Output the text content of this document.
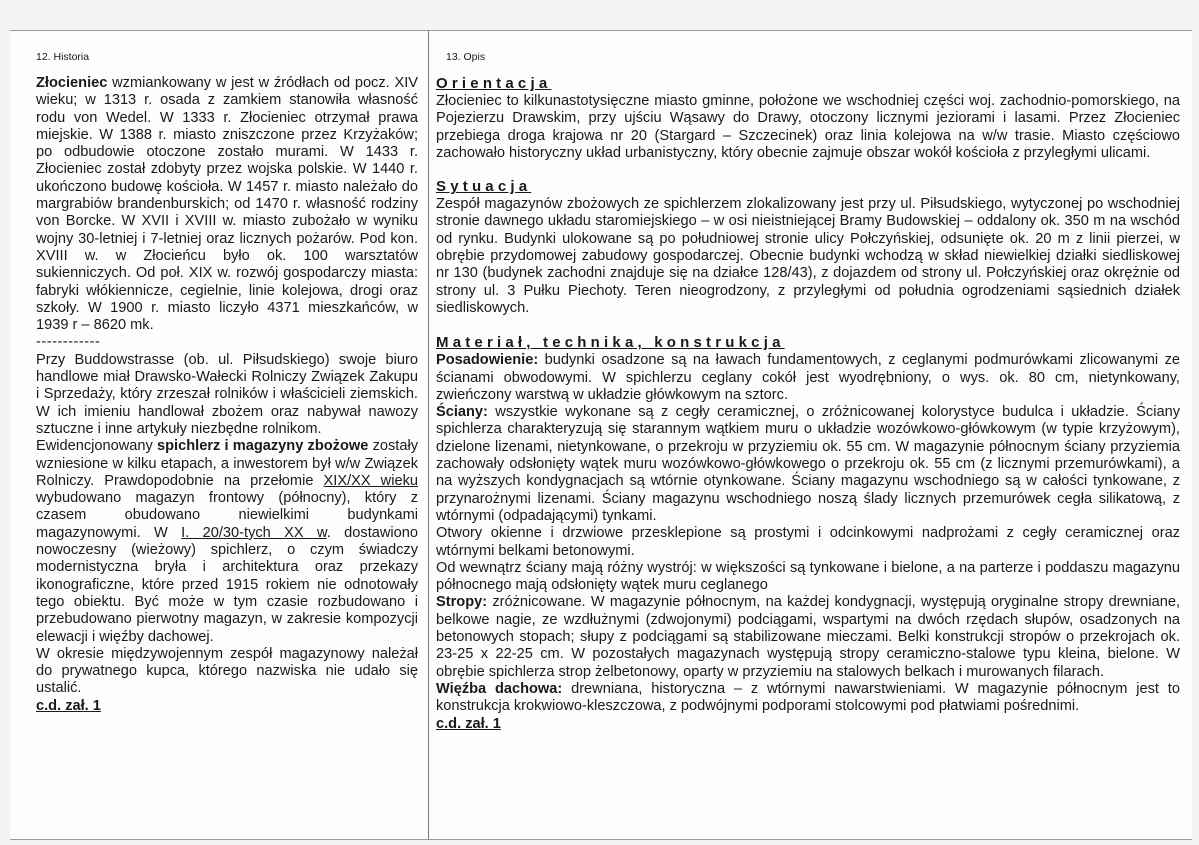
12. Historia

Złocieniec wzmiankowany w jest w źródłach od pocz. XIV wieku; w 1313 r. osada z zamkiem stanowiła własność rodu von Wedel. W 1333 r. Złocieniec otrzymał prawa miejskie. W 1388 r. miasto zniszczone przez Krzyżaków; po odbudowie otoczone zostało murami. W 1433 r. Złocieniec został zdobyty przez wojska polskie. W 1440 r. ukończono budowę kościoła. W 1457 r. miasto należało do margrabiów brandenburskich; od 1470 r. własność rodziny von Borcke. W XVII i XVIII w. miasto zubożało w wyniku wojny 30-letniej i 7-letniej oraz licznych pożarów. Pod kon. XVIII w. w Złocieńcu było ok. 100 warsztatów sukienniczych. Od poł. XIX w. rozwój gospodarczy miasta: fabryki włókiennicze, cegielnie, linie kolejowa, drogi oraz szkoły. W 1900 r. miasto liczyło 4371 mieszkańców, w 1939 r – 8620 mk.

------------

Przy Buddowstrasse (ob. ul. Piłsudskiego) swoje biuro handlowe miał Drawsko-Wałecki Rolniczy Związek Zakupu i Sprzedaży, który zrzeszał rolników i właścicieli ziemskich. W ich imieniu handlował zbożem oraz nabywał nawozy sztuczne i inne artykuły niezbędne rolnikom.

Ewidencjonowany spichlerz i magazyny zbożowe zostały wzniesione w kilku etapach, a inwestorem był w/w Związek Rolniczy. Prawdopodobnie na przełomie XIX/XX wieku wybudowano magazyn frontowy (północny), który z czasem obudowano niewielkimi budynkami magazynowymi. W I. 20/30-tych XX w. dostawiono nowoczesny (wieżowy) spichlerz, o czym świadczy modernistyczna bryła i architektura oraz przekazy ikonograficzne, które przed 1915 rokiem nie odnotowały tego obiektu. Być może w tym czasie rozbudowano i przebudowano pierwotny magazyn, w zakresie kompozycji elewacji i więźby dachowej.

W okresie międzywojennym zespół magazynowy należał do prywatnego kupca, którego nazwiska nie udało się ustalić.

c.d. zał. 1

13. Opis

Orientacja

Złocieniec to kilkunastotysięczne miasto gminne, położone we wschodniej części woj. zachodnio-pomorskiego, na Pojezierzu Drawskim, przy ujściu Wąsawy do Drawy, otoczony licznymi jeziorami i lasami. Przez Złocieniec przebiega droga krajowa nr 20 (Stargard – Szczecinek) oraz linia kolejowa na w/w trasie. Miasto częściowo zachowało historyczny układ urbanistyczny, który obecnie zajmuje obszar wokół kościoła z przyległymi ulicami.

Sytuacja

Zespół magazynów zbożowych ze spichlerzem zlokalizowany jest przy ul. Piłsudskiego, wytyczonej po wschodniej stronie dawnego układu staromiejskiego – w osi nieistniejącej Bramy Budowskiej – oddalony ok. 350 m na wschód od rynku. Budynki ulokowane są po południowej stronie ulicy Połczyńskiej, odsunięte ok. 20 m z linii pierzei, w obrębie przydomowej zabudowy gospodarczej. Obecnie budynki wchodzą w skład niewielkiej działki siedliskowej nr 130 (budynek zachodni znajduje się na działce 128/43), z dojazdem od strony ul. Połczyńskiej oraz okrężnie od strony ul. 3 Pułku Piechoty. Teren nieogrodzony, z przyległymi od południa ogrodzeniami sąsiednich działek siedliskowych.

Materiał, technika, konstrukcja

Posadowienie: budynki osadzone są na ławach fundamentowych, z ceglanymi podmurówkami zlicowanymi ze ścianami obwodowymi. W spichlerzu ceglany cokół jest wyodrębniony, o wys. ok. 80 cm, nietynkowany, zwieńczony warstwą w układzie główkowym na sztorc.

Ściany: wszystkie wykonane są z cegły ceramicznej, o zróżnicowanej kolorystyce budulca i układzie. Ściany spichlerza charakteryzują się starannym wątkiem muru o układzie wozówkowo-główkowym (w typie krzyżowym), dzielone lizenami, nietynkowane, o przekroju w przyziemiu ok. 55 cm. W magazynie północnym ściany przyziemia zachowały odsłonięty wątek muru wozówkowo-główkowego o przekroju ok. 55 cm (z licznymi przemurówkami), a na wyższych kondygnacjach są wtórnie otynkowane. Ściany magazynu wschodniego są w całości tynkowane, z przynarożnymi lizenami. Ściany magazynu wschodniego noszą ślady licznych przemurówek cegła silikatową, z wtórnymi (odpadającymi) tynkami.

Otwory okienne i drzwiowe przesklepione są prostymi i odcinkowymi nadprożami z cegły ceramicznej oraz wtórnymi belkami betonowymi.

Od wewnątrz ściany mają różny wystrój: w większości są tynkowane i bielone, a na parterze i poddaszu magazynu północnego mają odsłonięty wątek muru ceglanego

Stropy: zróżnicowane. W magazynie północnym, na każdej kondygnacji, występują oryginalne stropy drewniane, belkowe nagie, ze wzdłużnymi (zdwojonymi) podciągami, wspartymi na dwóch rzędach słupów, osadzonych na betonowych stopach; słupy z podciągami są stabilizowane mieczami. Belki konstrukcji stropów o przekrojach ok. 23-25 x 22-25 cm. W pozostałych magazynach występują stropy ceramiczno-stalowe typu kleina, bielone. W obrębie spichlerza strop żelbetonowy, oparty w przyziemiu na stalowych belkach i murowanych filarach.

Więźba dachowa: drewniana, historyczna – z wtórnymi nawarstwieniami. W magazynie północnym jest to konstrukcja krokwiowo-kleszczowa, z podwójnymi podporami stolcowymi pod płatwiami pośrednimi.

c.d. zał. 1
